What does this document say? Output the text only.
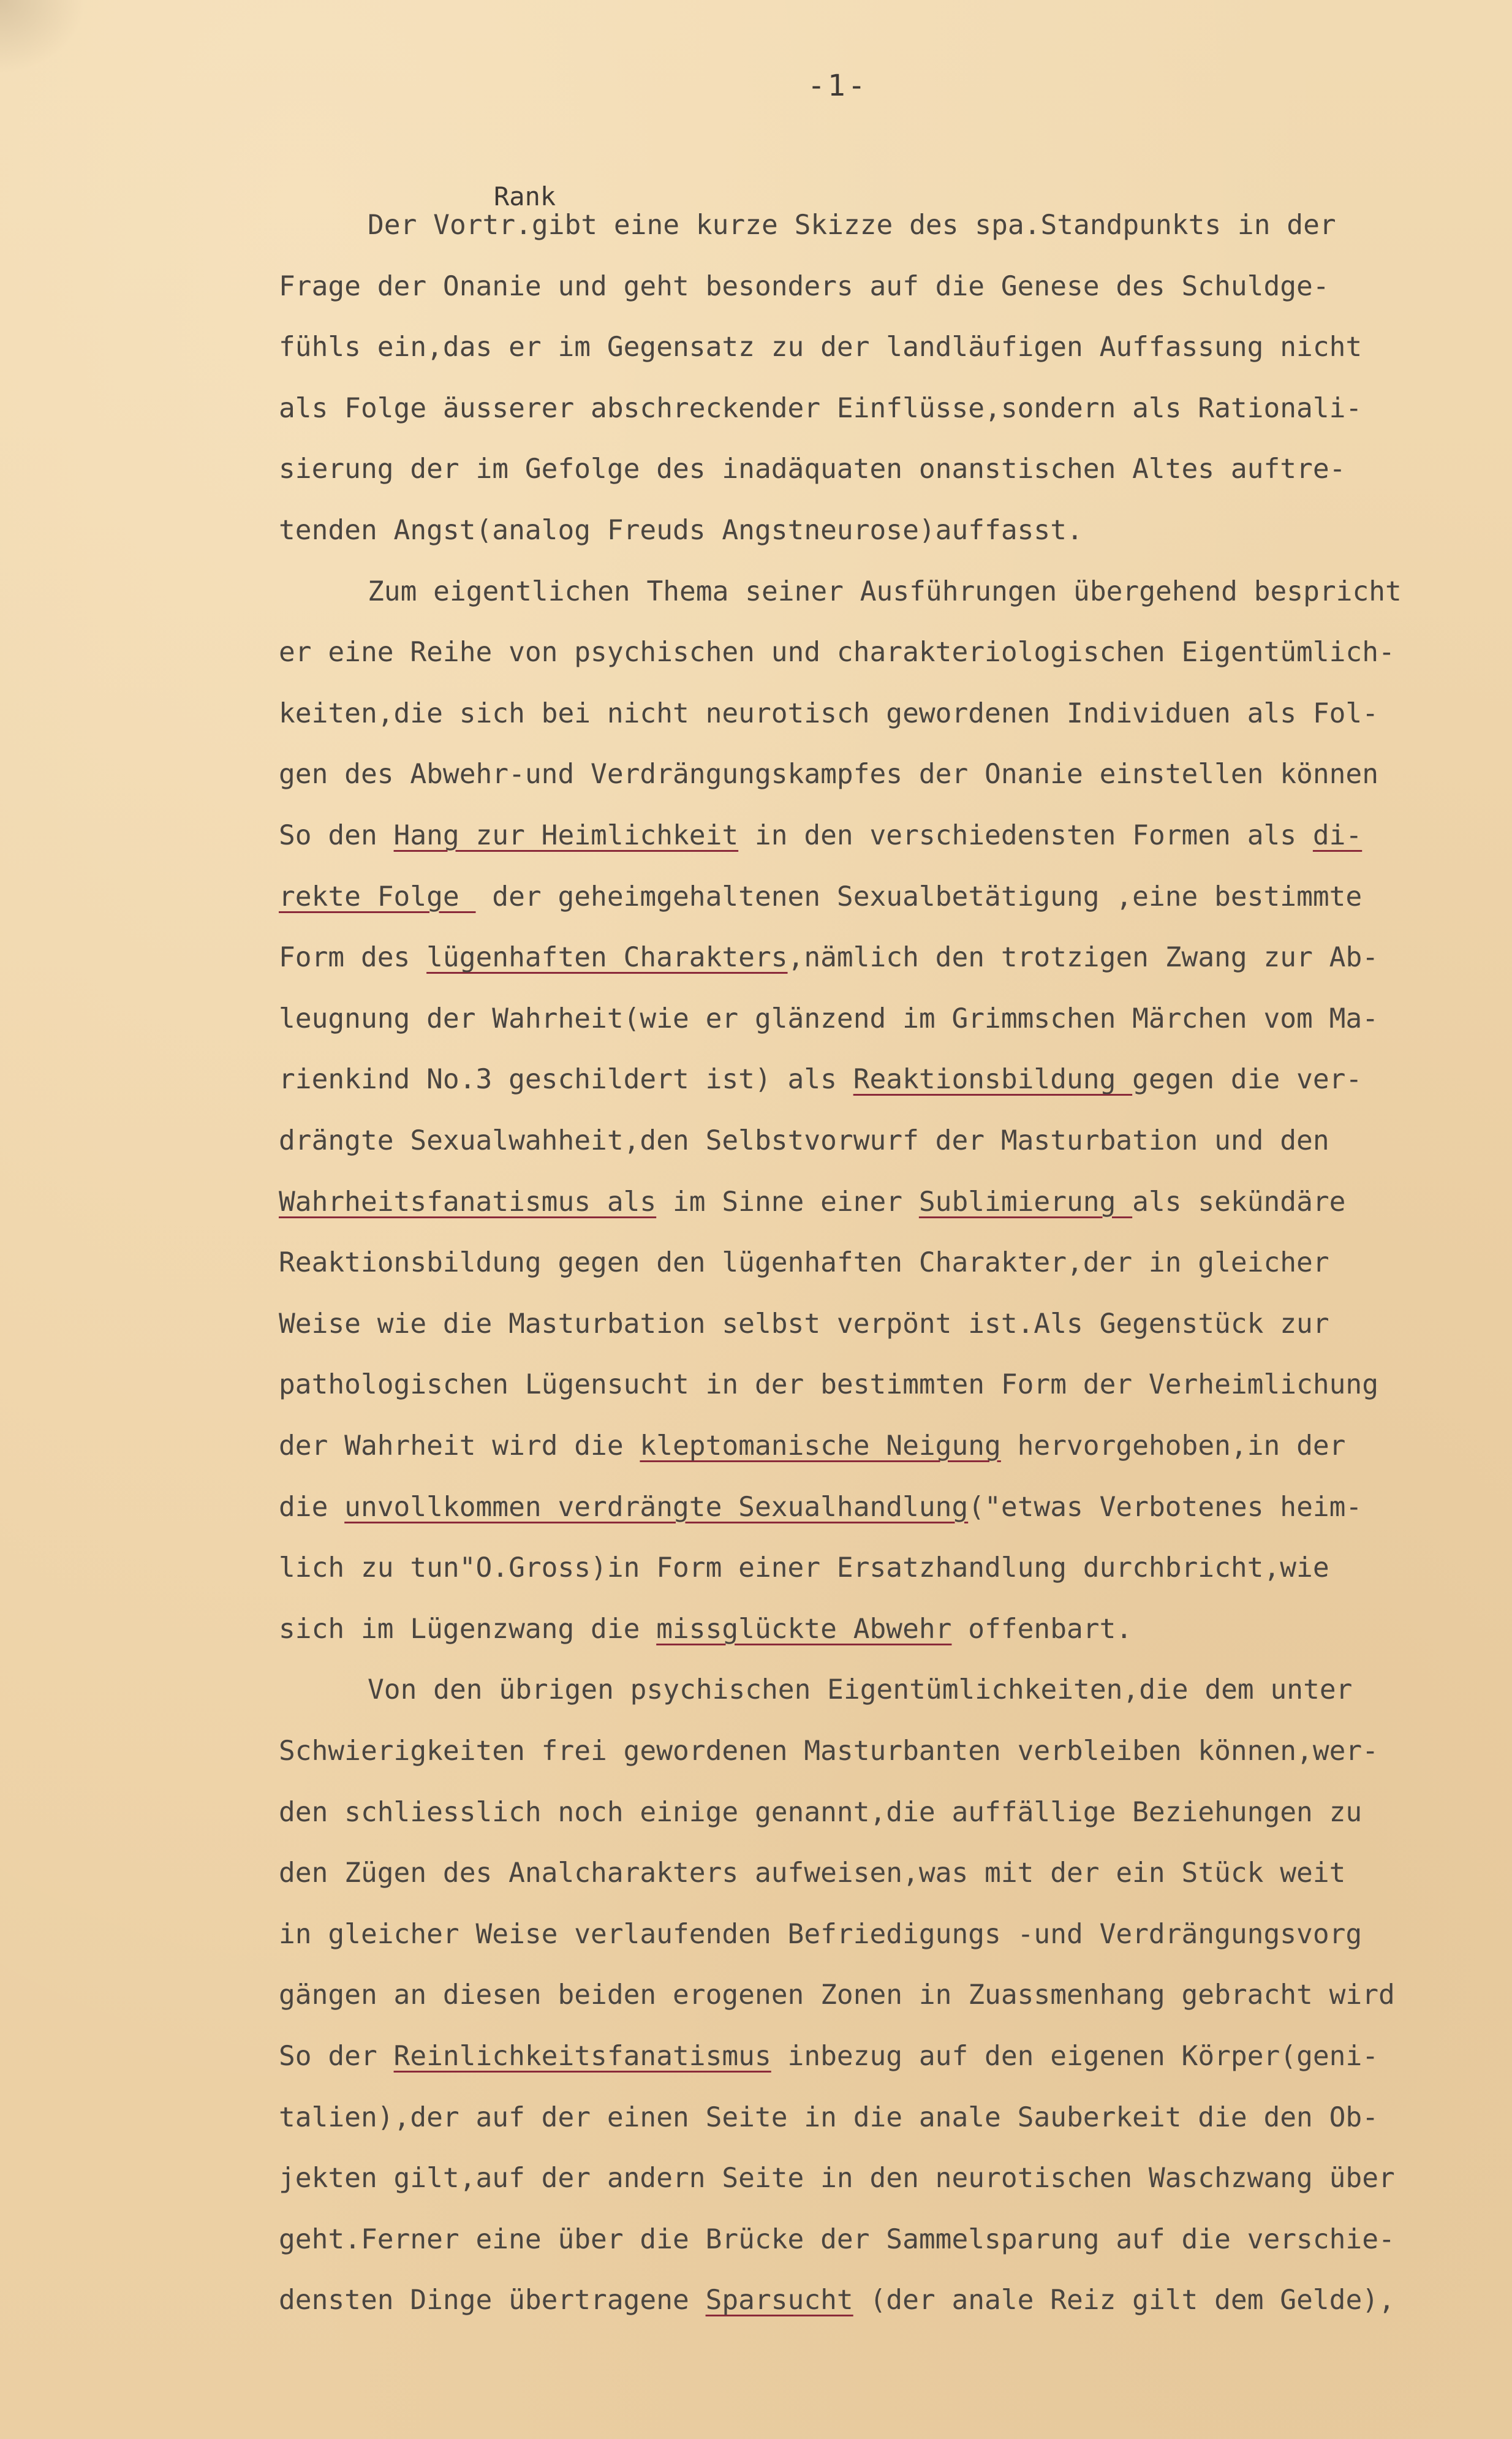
-1-
Rank
Der Vortr.gibt eine kurze Skizze des spa.Standpunkts in der
Frage der Onanie und geht besonders auf die Genese des Schuldge-
fühls ein,das er im Gegensatz zu der landläufigen Auffassung nicht
als Folge äusserer abschreckender Einflüsse,sondern als Rationali-
sierung der im Gefolge des inadäquaten onanstischen Altes auftre-
tenden Angst(analog Freuds Angstneurose)auffasst.
Zum eigentlichen Thema seiner Ausführungen übergehend bespricht
er eine Reihe von psychischen und charakteriologischen Eigentümlich-
keiten,die sich bei nicht neurotisch gewordenen Individuen als Fol-
gen des Abwehr-und Verdrängungskampfes der Onanie einstellen können
So den Hang zur Heimlichkeit in den verschiedensten Formen als di-
rekte Folge  der geheimgehaltenen Sexualbetätigung ,eine bestimmte
Form des lügenhaften Charakters,nämlich den trotzigen Zwang zur Ab-
leugnung der Wahrheit(wie er glänzend im Grimmschen Märchen vom Ma-
rienkind No.3 geschildert ist) als Reaktionsbildung gegen die ver-
drängte Sexualwahheit,den Selbstvorwurf der Masturbation und den
Wahrheitsfanatismus als im Sinne einer Sublimierung als sekündäre
Reaktionsbildung gegen den lügenhaften Charakter,der in gleicher
Weise wie die Masturbation selbst verpönt ist.Als Gegenstück zur
pathologischen Lügensucht in der bestimmten Form der Verheimlichung
der Wahrheit wird die kleptomanische Neigung hervorgehoben,in der
die unvollkommen verdrängte Sexualhandlung("etwas Verbotenes heim-
lich zu tun"O.Gross)in Form einer Ersatzhandlung durchbricht,wie
sich im Lügenzwang die missglückte Abwehr offenbart.
Von den übrigen psychischen Eigentümlichkeiten,die dem unter
Schwierigkeiten frei gewordenen Masturbanten verbleiben können,wer-
den schliesslich noch einige genannt,die auffällige Beziehungen zu
den Zügen des Analcharakters aufweisen,was mit der ein Stück weit
in gleicher Weise verlaufenden Befriedigungs -und Verdrängungsvorg
gängen an diesen beiden erogenen Zonen in Zuassmenhang gebracht wird
So der Reinlichkeitsfanatismus inbezug auf den eigenen Körper(geni-
talien),der auf der einen Seite in die anale Sauberkeit die den Ob-
jekten gilt,auf der andern Seite in den neurotischen Waschzwang über
geht.Ferner eine über die Brücke der Sammelsparung auf die verschie-
densten Dinge übertragene Sparsucht (der anale Reiz gilt dem Gelde),
